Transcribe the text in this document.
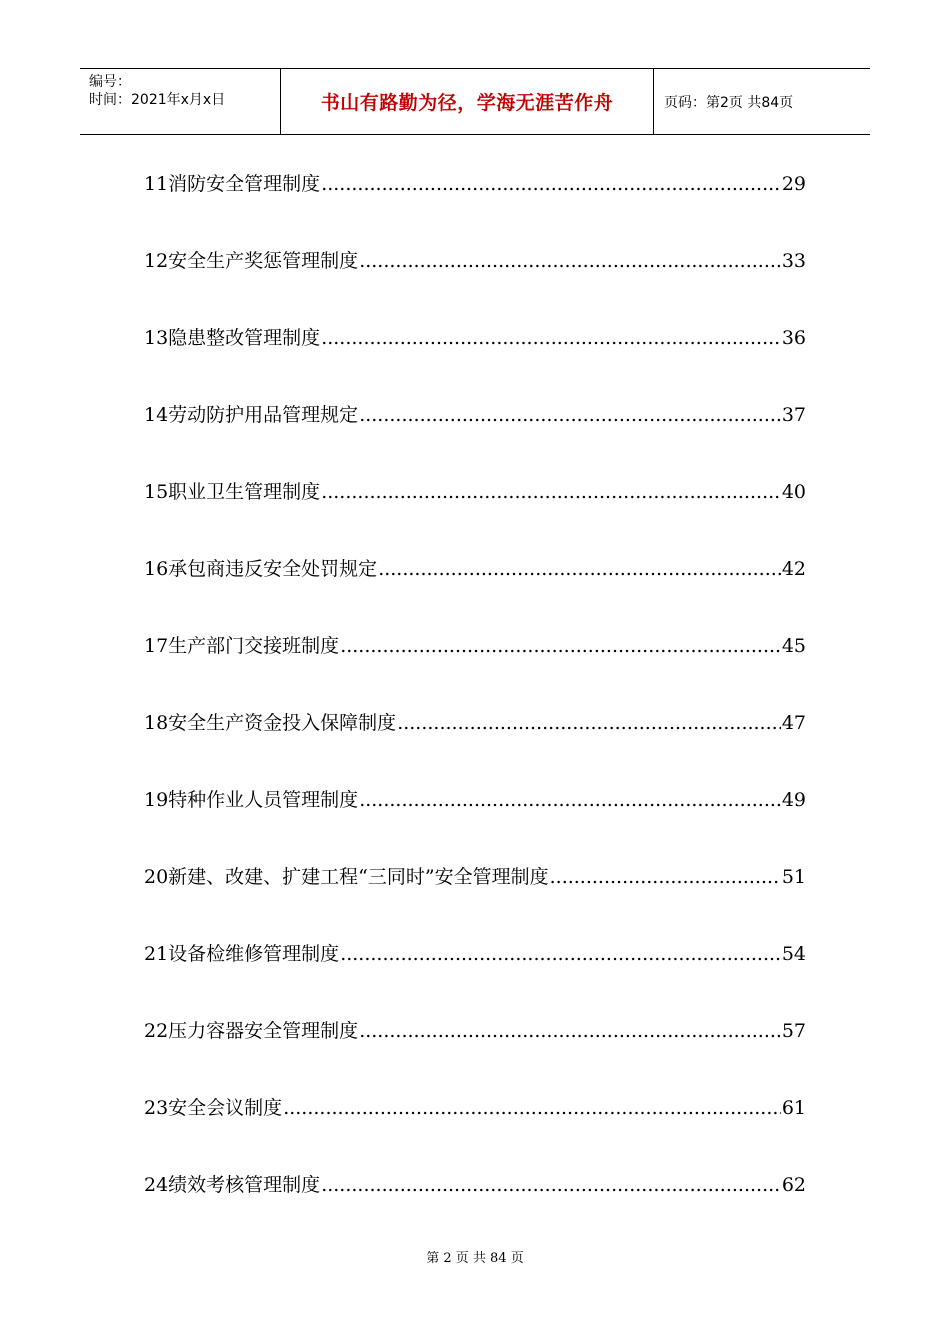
编号：
时间：2021年x月x日	书山有路勤为径，学海无涯苦作舟	页码：第2页 共84页
11消防安全管理制度 .....	29
12安全生产奖惩管理制度 .....	33
13隐患整改管理制度 .....	36
14劳动防护用品管理规定 .....	37
15职业卫生管理制度 .....	40
16承包商违反安全处罚规定 .....	42
17生产部门交接班制度 .....	45
18安全生产资金投入保障制度 .....	47
19特种作业人员管理制度 .....	49
20新建、改建、扩建工程“三同时”安全管理制度 .....	51
21设备检维修管理制度 .....	54
22压力容器安全管理制度 .....	57
23安全会议制度 .....	61
24绩效考核管理制度 .....	62
第 2 页 共 84 页
